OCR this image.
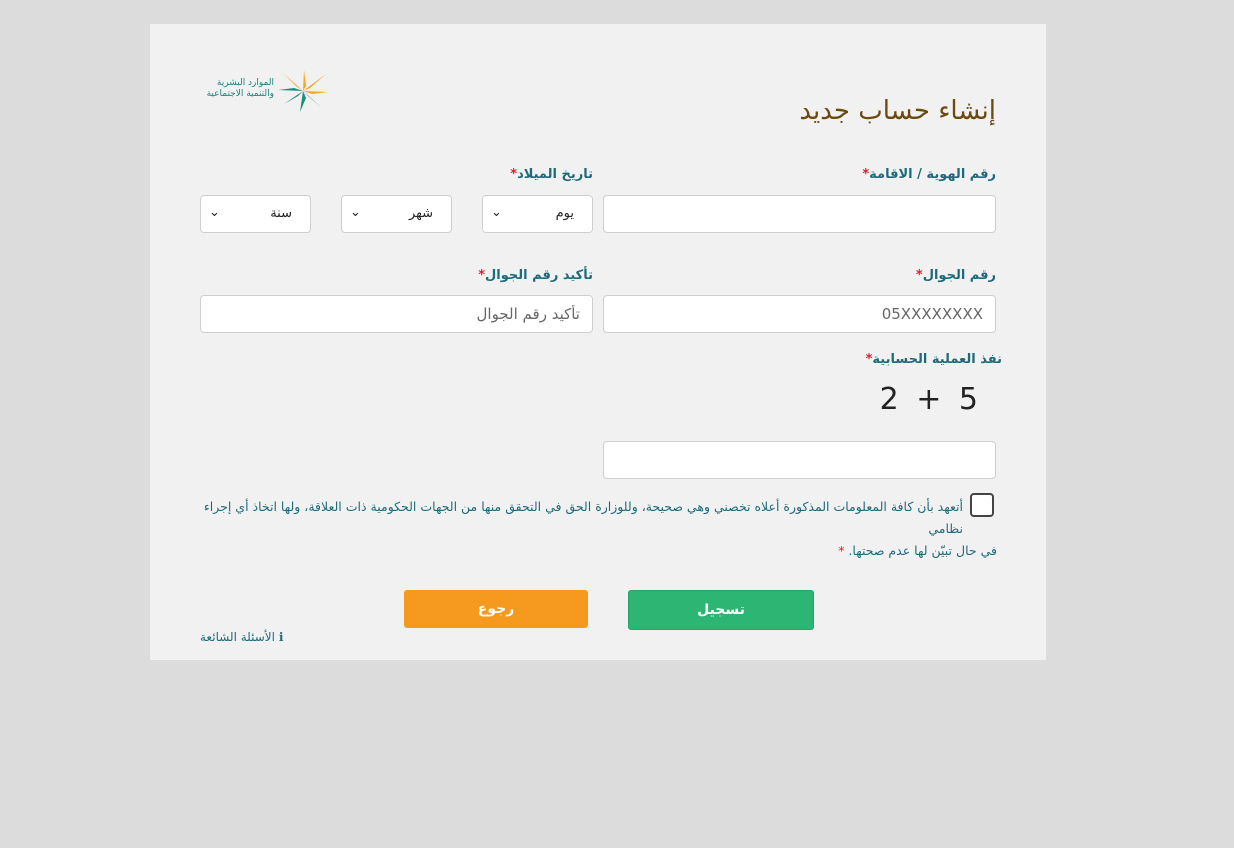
الموارد البشرية
والتنمية الاجتماعية
إنشاء حساب جديد
رقم الهوية / الاقامة*
تاريخ الميلاد*
يوم
⌄
شهر
⌄
سنة
⌄
رقم الجوال*
05XXXXXXXX
تأكيد رقم الجوال*
تأكيد رقم الجوال
نفذ العملية الحسابية*
2 + 5
أتعهد بأن كافة المعلومات المذكورة أعلاه تخصني وهي صحيحة، وللوزارة الحق في التحقق منها من الجهات الحكومية ذات العلاقة، ولها اتخاذ أي إجراء نظامي
في حال تبيّن لها عدم صحتها. *
تسجيل
رجوع
ℹ الأسئلة الشائعة
